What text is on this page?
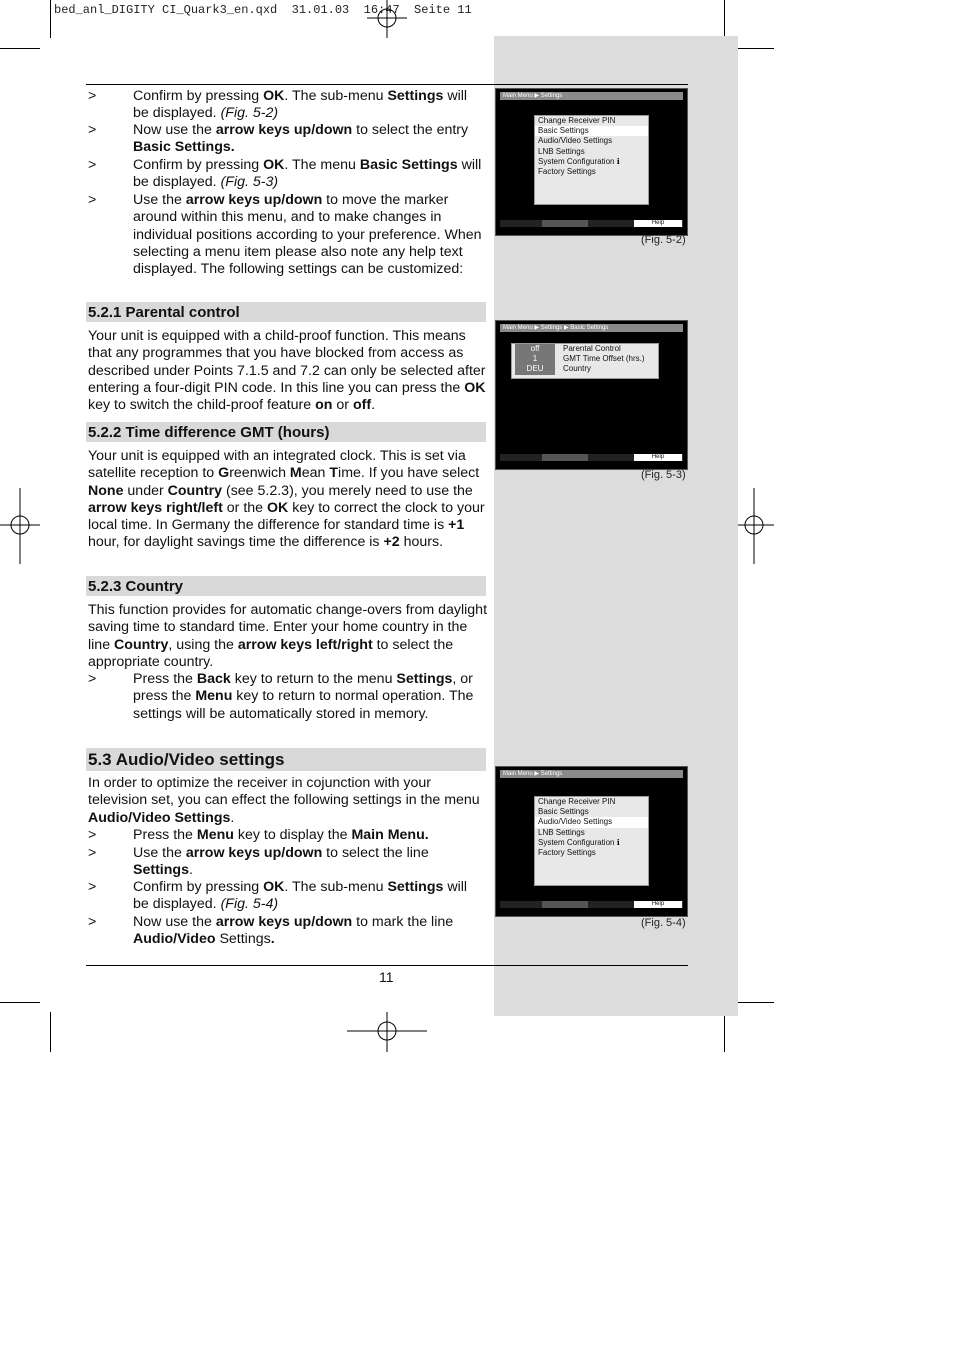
bed_anl_DIGITY CI_Quark3_en.qxd  31.01.03  16:47  Seite 11
>	Confirm by pressing OK. The sub-menu Settings will be displayed. (Fig. 5-2)
>	Now use the arrow keys up/down to select the entry Basic Settings.
>	Confirm by pressing OK. The menu Basic Settings will be displayed. (Fig. 5-3)
>	Use the arrow keys up/down to move the marker around within this menu, and to make changes in individual positions according to your preference. When selecting a menu item please also note any help text displayed. The following settings can be customized:
5.2.1 Parental control
Your unit is equipped with a child-proof function. This means that any programmes that you have blocked from access as described under Points 7.1.5 and 7.2 can only be selected after entering a four-digit PIN code. In this line you can press the OK key to switch the child-proof feature on or off.
5.2.2 Time difference GMT (hours)
Your unit is equipped with an integrated clock. This is set via satellite reception to Greenwich Mean Time. If you have select None under Country (see 5.2.3), you merely need to use the arrow keys right/left or the OK key to correct the clock to your local time. In Germany the difference for standard time is +1 hour, for daylight savings time the difference is +2 hours.
5.2.3 Country
This function provides for automatic change-overs from daylight saving time to standard time. Enter your home country in the line Country, using the arrow keys left/right to select the appropriate country.
>	Press the Back key to return to the menu Settings, or press the Menu key to return to normal operation. The settings will be automatically stored in memory.
5.3 Audio/Video settings
In order to optimize the receiver in cojunction with your television set, you can effect the following settings in the menu Audio/Video Settings.
>	Press the Menu key to display the Main Menu.
>	Use the arrow keys up/down to select the line Settings.
>	Confirm by pressing OK. The sub-menu Settings will be displayed. (Fig. 5-4)
>	Now use the arrow keys up/down to mark the line Audio/Video Settings.
Main Menu ▶ Settings
Change Receiver PIN
Basic Settings
Audio/Video Settings
LNB Settings
System Configuration ℹ
Factory Settings
Help
(Fig. 5-2)
Main Menu ▶ Settings ▶ Basic Settings
off	Parental Control
1	GMT Time Offset (hrs.)
DEU Country
Help
(Fig. 5-3)
Main Menu ▶ Settings
Change Receiver PIN
Basic Settings
Audio/Video Settings
LNB Settings
System Configuration ℹ
Factory Settings
Help
(Fig. 5-4)
11
